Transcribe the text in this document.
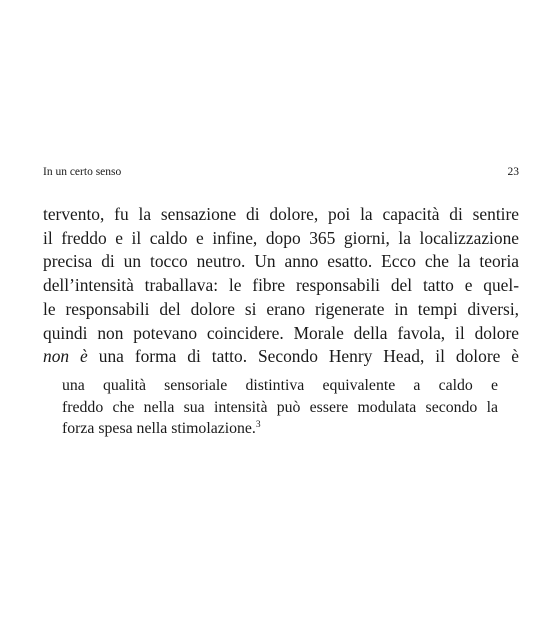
In un certo senso	23
tervento, fu la sensazione di dolore, poi la capacità di sentire
il freddo e il caldo e infine, dopo 365 giorni, la localizzazione
precisa di un tocco neutro. Un anno esatto. Ecco che la teoria
dell’intensità traballava: le fibre responsabili del tatto e quel-
le responsabili del dolore si erano rigenerate in tempi diversi,
quindi non potevano coincidere. Morale della favola, il dolore
non è una forma di tatto. Secondo Henry Head, il dolore è
una qualità sensoriale distintiva equivalente a caldo e
freddo che nella sua intensità può essere modulata secondo la
forza spesa nella stimolazione.$^3$
